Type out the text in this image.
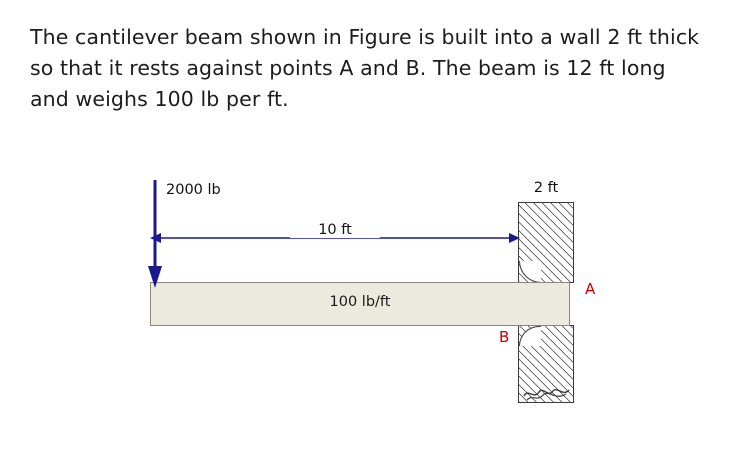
The cantilever beam shown in Figure is built into a wall 2 ft thick so that it rests against points A and B. The beam is 12 ft long and weighs 100 lb per ft.
100 lb/ft
2 ft
10 ft
2000 lb
A
B
